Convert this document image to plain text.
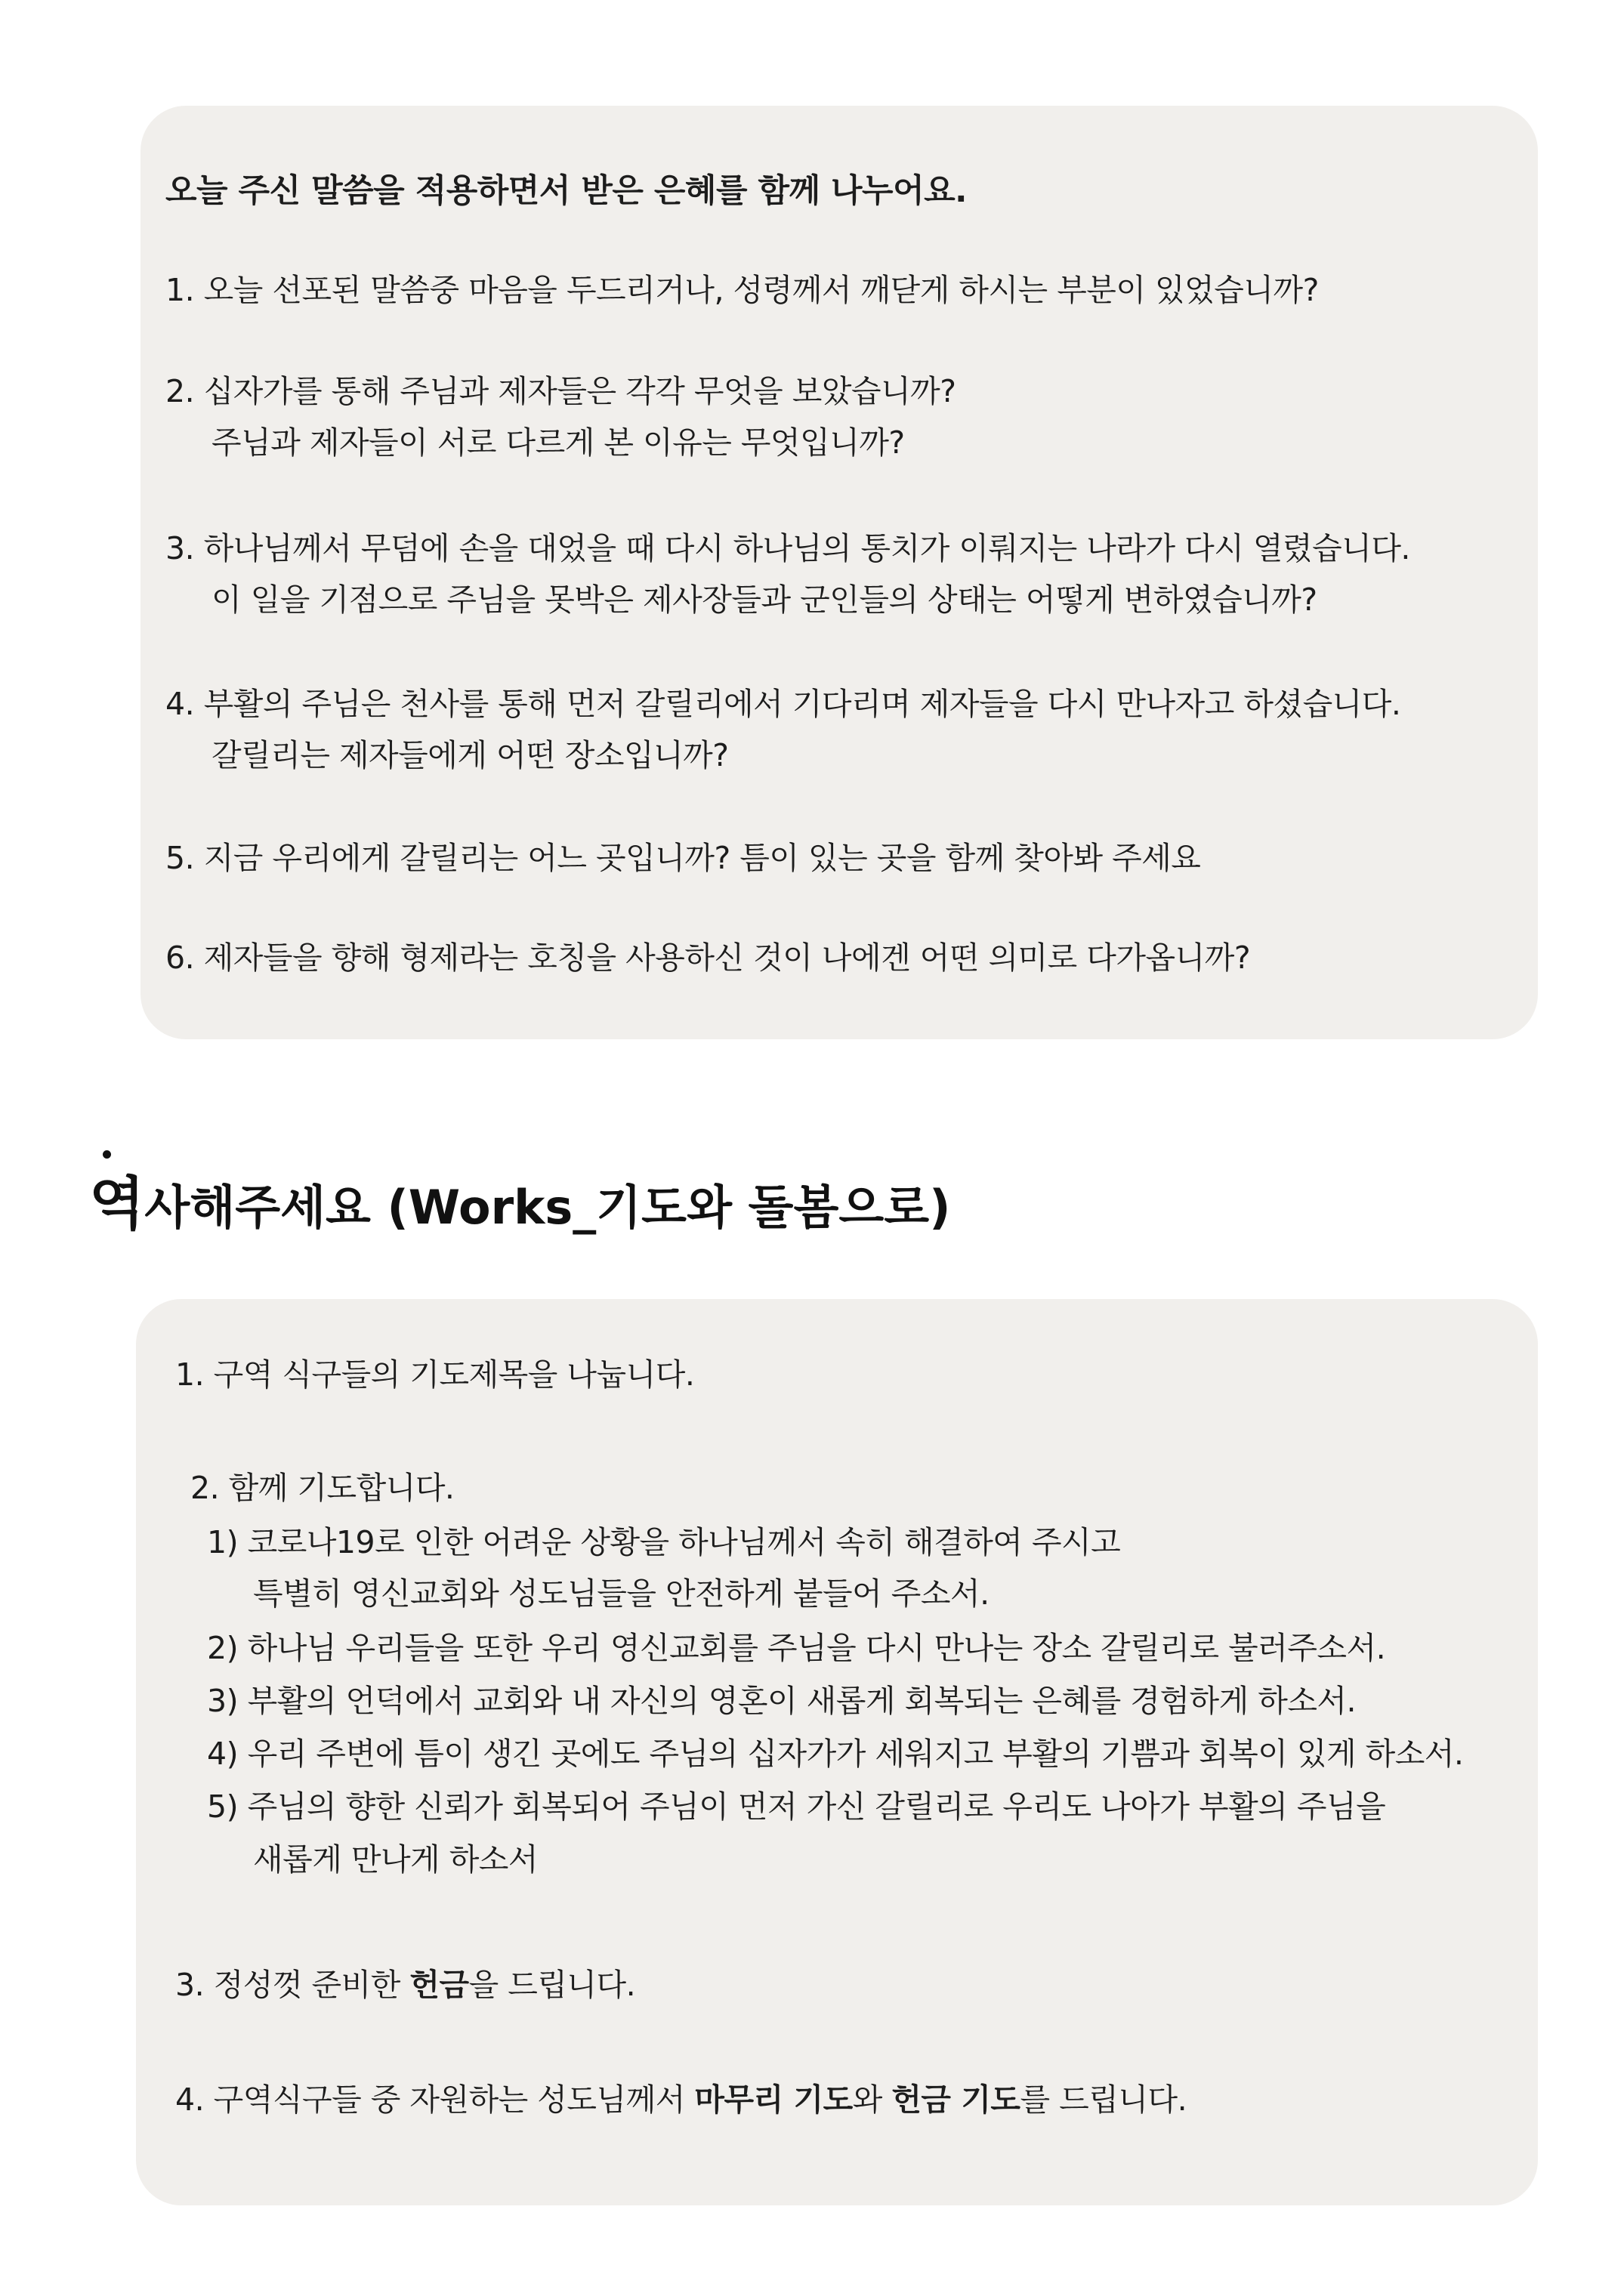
오늘 주신 말씀을 적용하면서 받은 은혜를 함께 나누어요.
1. 오늘 선포된 말씀중 마음을 두드리거나, 성령께서 깨닫게 하시는 부분이 있었습니까?
2. 십자가를 통해 주님과 제자들은 각각 무엇을 보았습니까?
주님과 제자들이 서로 다르게 본 이유는 무엇입니까?
3. 하나님께서 무덤에 손을 대었을 때 다시 하나님의 통치가 이뤄지는 나라가 다시 열렸습니다.
이 일을 기점으로 주님을 못박은 제사장들과 군인들의 상태는 어떻게 변하였습니까?
4. 부활의 주님은 천사를 통해 먼저 갈릴리에서 기다리며 제자들을 다시 만나자고 하셨습니다.
갈릴리는 제자들에게 어떤 장소입니까?
5. 지금 우리에게 갈릴리는 어느 곳입니까? 틈이 있는 곳을 함께 찾아봐 주세요
6. 제자들을 향해 형제라는 호칭을 사용하신 것이 나에겐 어떤 의미로 다가옵니까?
역사해주세요 (Works_기도와 돌봄으로)
1. 구역 식구들의 기도제목을 나눕니다.
2. 함께 기도합니다.
1) 코로나19로 인한 어려운 상황을 하나님께서 속히 해결하여 주시고
특별히 영신교회와 성도님들을 안전하게 붙들어 주소서.
2) 하나님 우리들을 또한 우리 영신교회를 주님을 다시 만나는 장소 갈릴리로 불러주소서.
3) 부활의 언덕에서 교회와 내 자신의 영혼이 새롭게 회복되는 은혜를 경험하게 하소서.
4) 우리 주변에 틈이 생긴 곳에도 주님의 십자가가 세워지고 부활의 기쁨과 회복이 있게 하소서.
5) 주님의 향한 신뢰가 회복되어 주님이 먼저 가신 갈릴리로 우리도 나아가 부활의 주님을
새롭게 만나게 하소서
3. 정성껏 준비한 헌금을 드립니다.
4. 구역식구들 중 자원하는 성도님께서 마무리 기도와 헌금 기도를 드립니다.
